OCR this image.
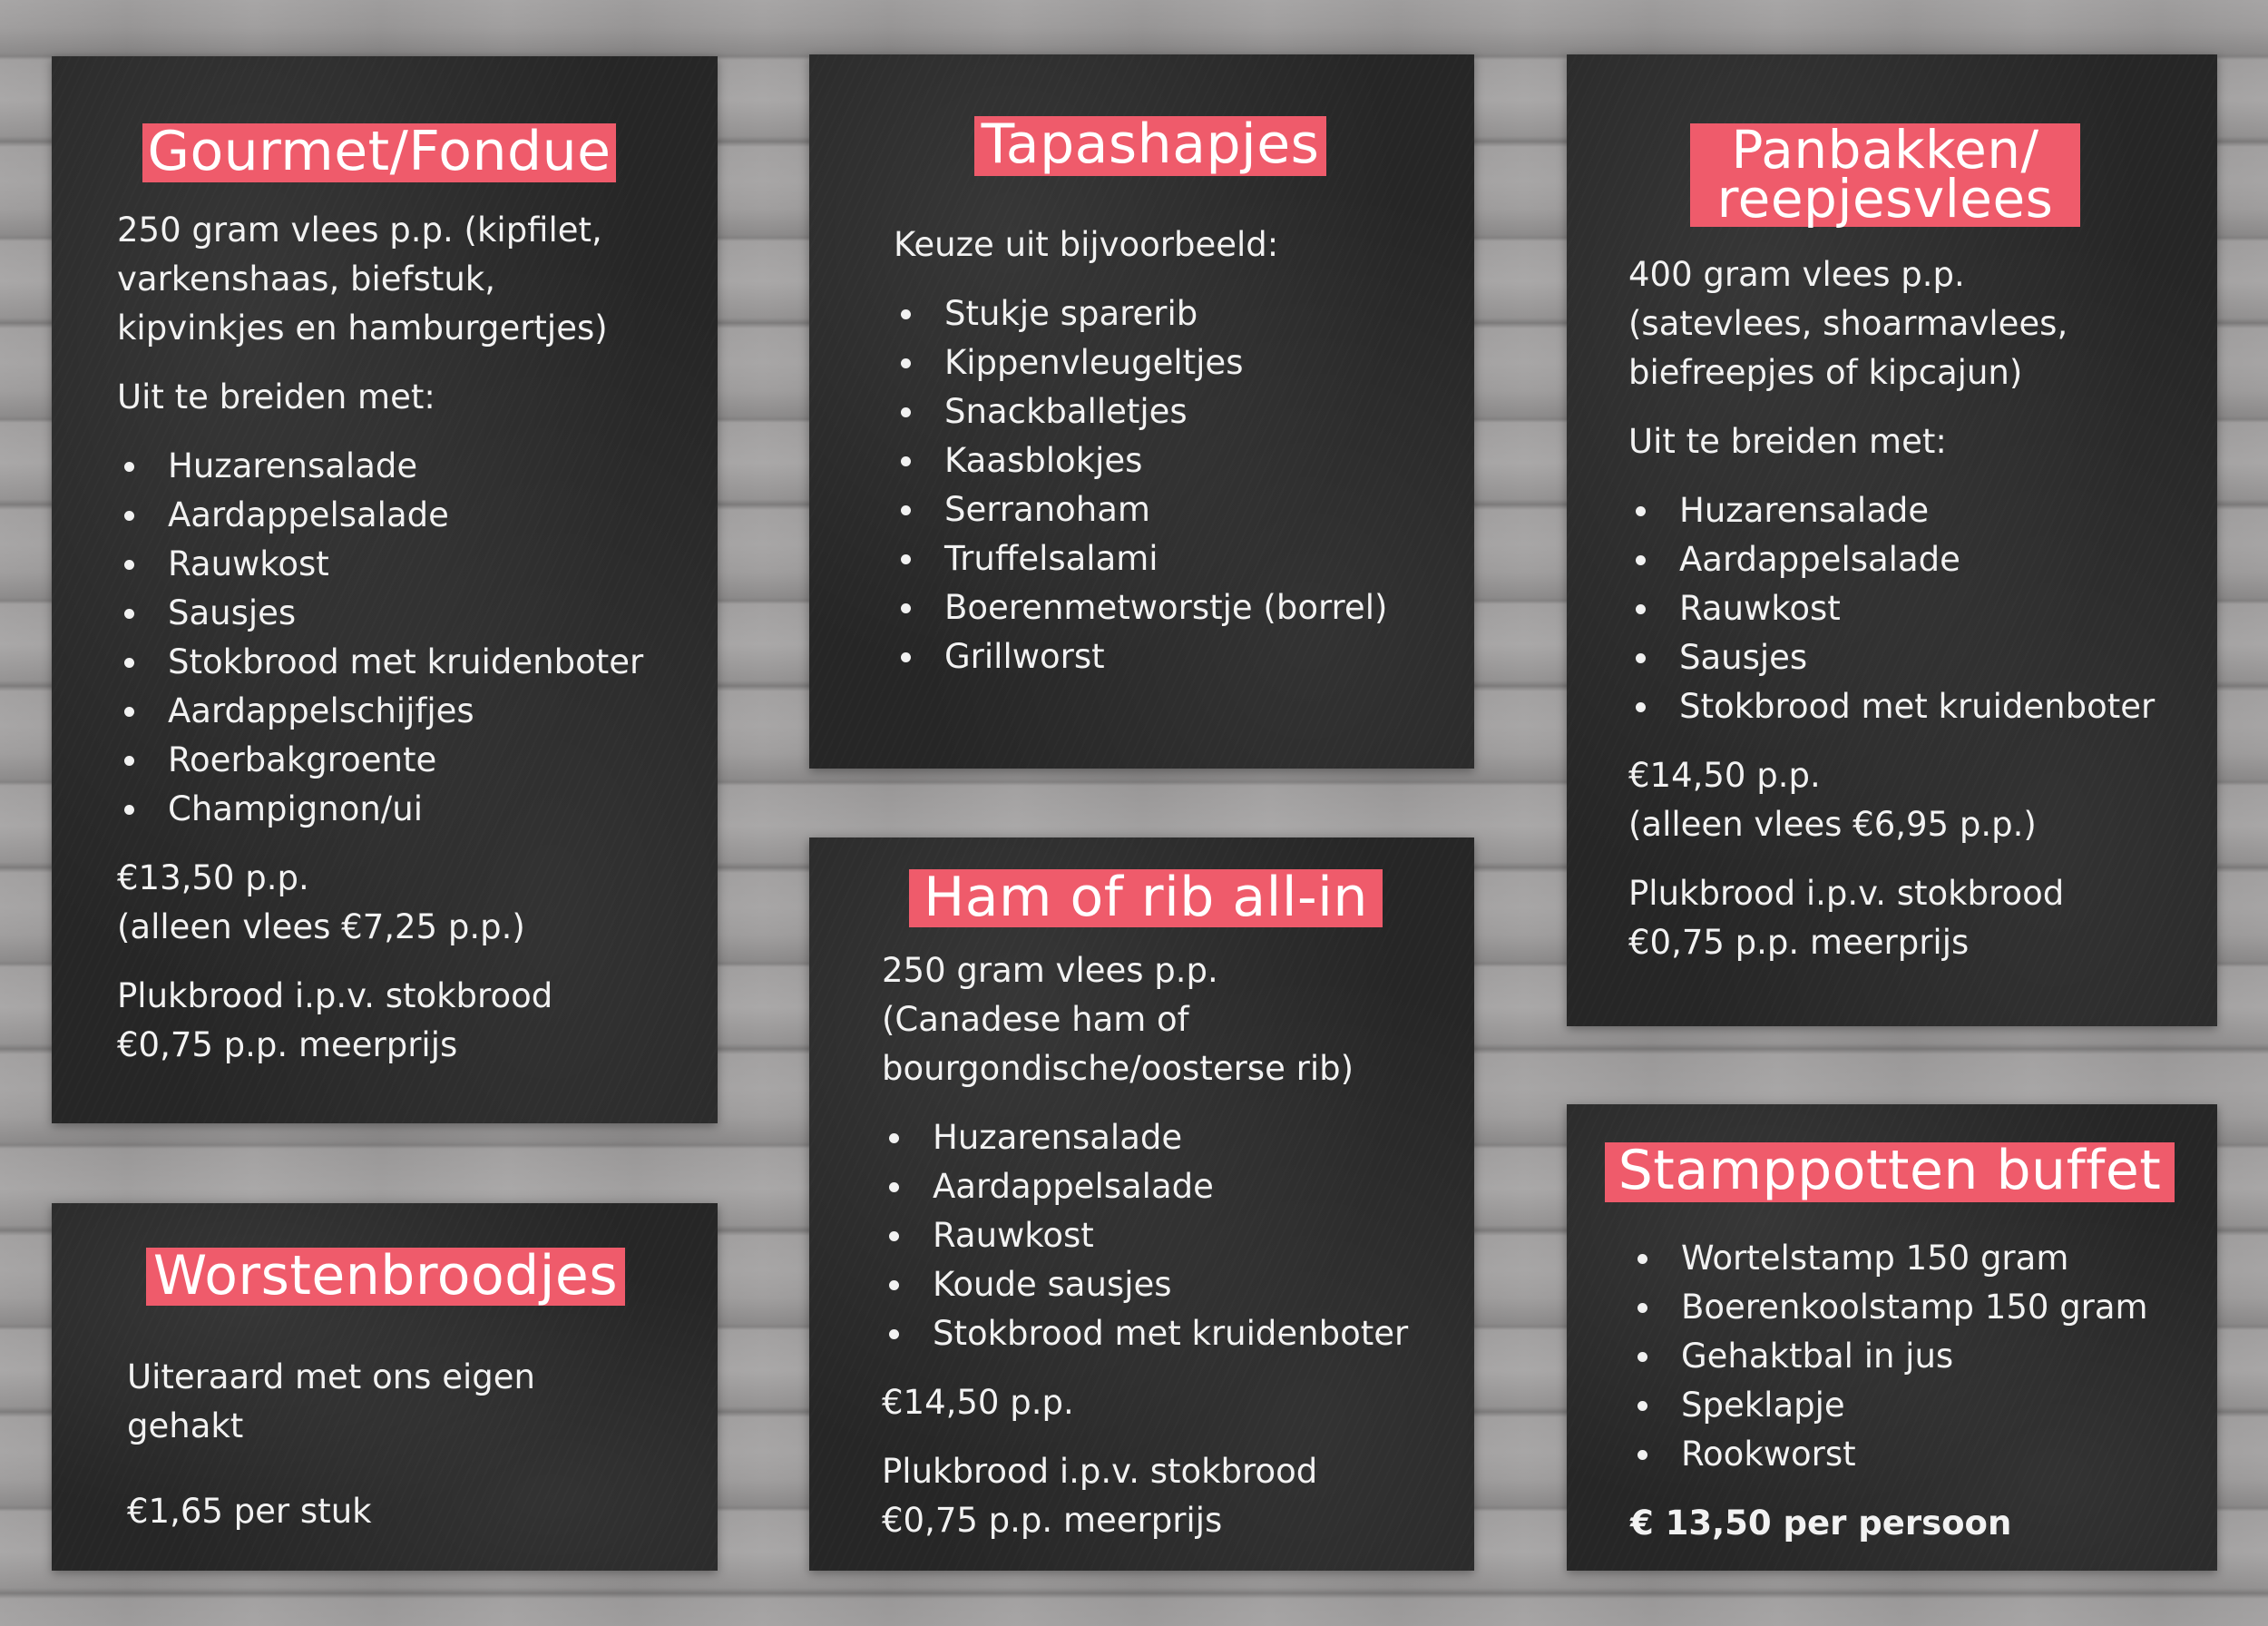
Gourmet/Fondue

250 gram vlees p.p. (kipfilet,

varkenshaas, biefstuk,

kipvinkjes en hamburgertjes)

Uit te breiden met:

Huzarensalade
Aardappelsalade
Rauwkost
Sausjes
Stokbrood met kruidenboter
Aardappelschijfjes
Roerbakgroente
Champignon/ui

€13,50 p.p.

(alleen vlees €7,25 p.p.)

Plukbrood i.p.v. stokbrood

€0,75 p.p. meerprijs

Tapashapjes

Keuze uit bijvoorbeeld:

Stukje sparerib
Kippenvleugeltjes
Snackballetjes
Kaasblokjes
Serranoham
Truffelsalami
Boerenmetworstje (borrel)
Grillworst
Panbakken/
reepjesvlees

400 gram vlees p.p.

(satevlees, shoarmavlees,

biefreepjes of kipcajun)

Uit te breiden met:

Huzarensalade
Aardappelsalade
Rauwkost
Sausjes
Stokbrood met kruidenboter

€14,50 p.p.

(alleen vlees €6,95 p.p.)

Plukbrood i.p.v. stokbrood

€0,75 p.p. meerprijs

Worstenbroodjes

Uiteraard met ons eigen

gehakt

€1,65 per stuk

Ham of rib all-in

250 gram vlees p.p.

(Canadese ham of

bourgondische/oosterse rib)

Huzarensalade
Aardappelsalade
Rauwkost
Koude sausjes
Stokbrood met kruidenboter

€14,50 p.p.

Plukbrood i.p.v. stokbrood

€0,75 p.p. meerprijs

Stamppotten buffet
Wortelstamp 150 gram
Boerenkoolstamp 150 gram
Gehaktbal in jus
Speklapje
Rookworst

€ 13,50 per persoon
